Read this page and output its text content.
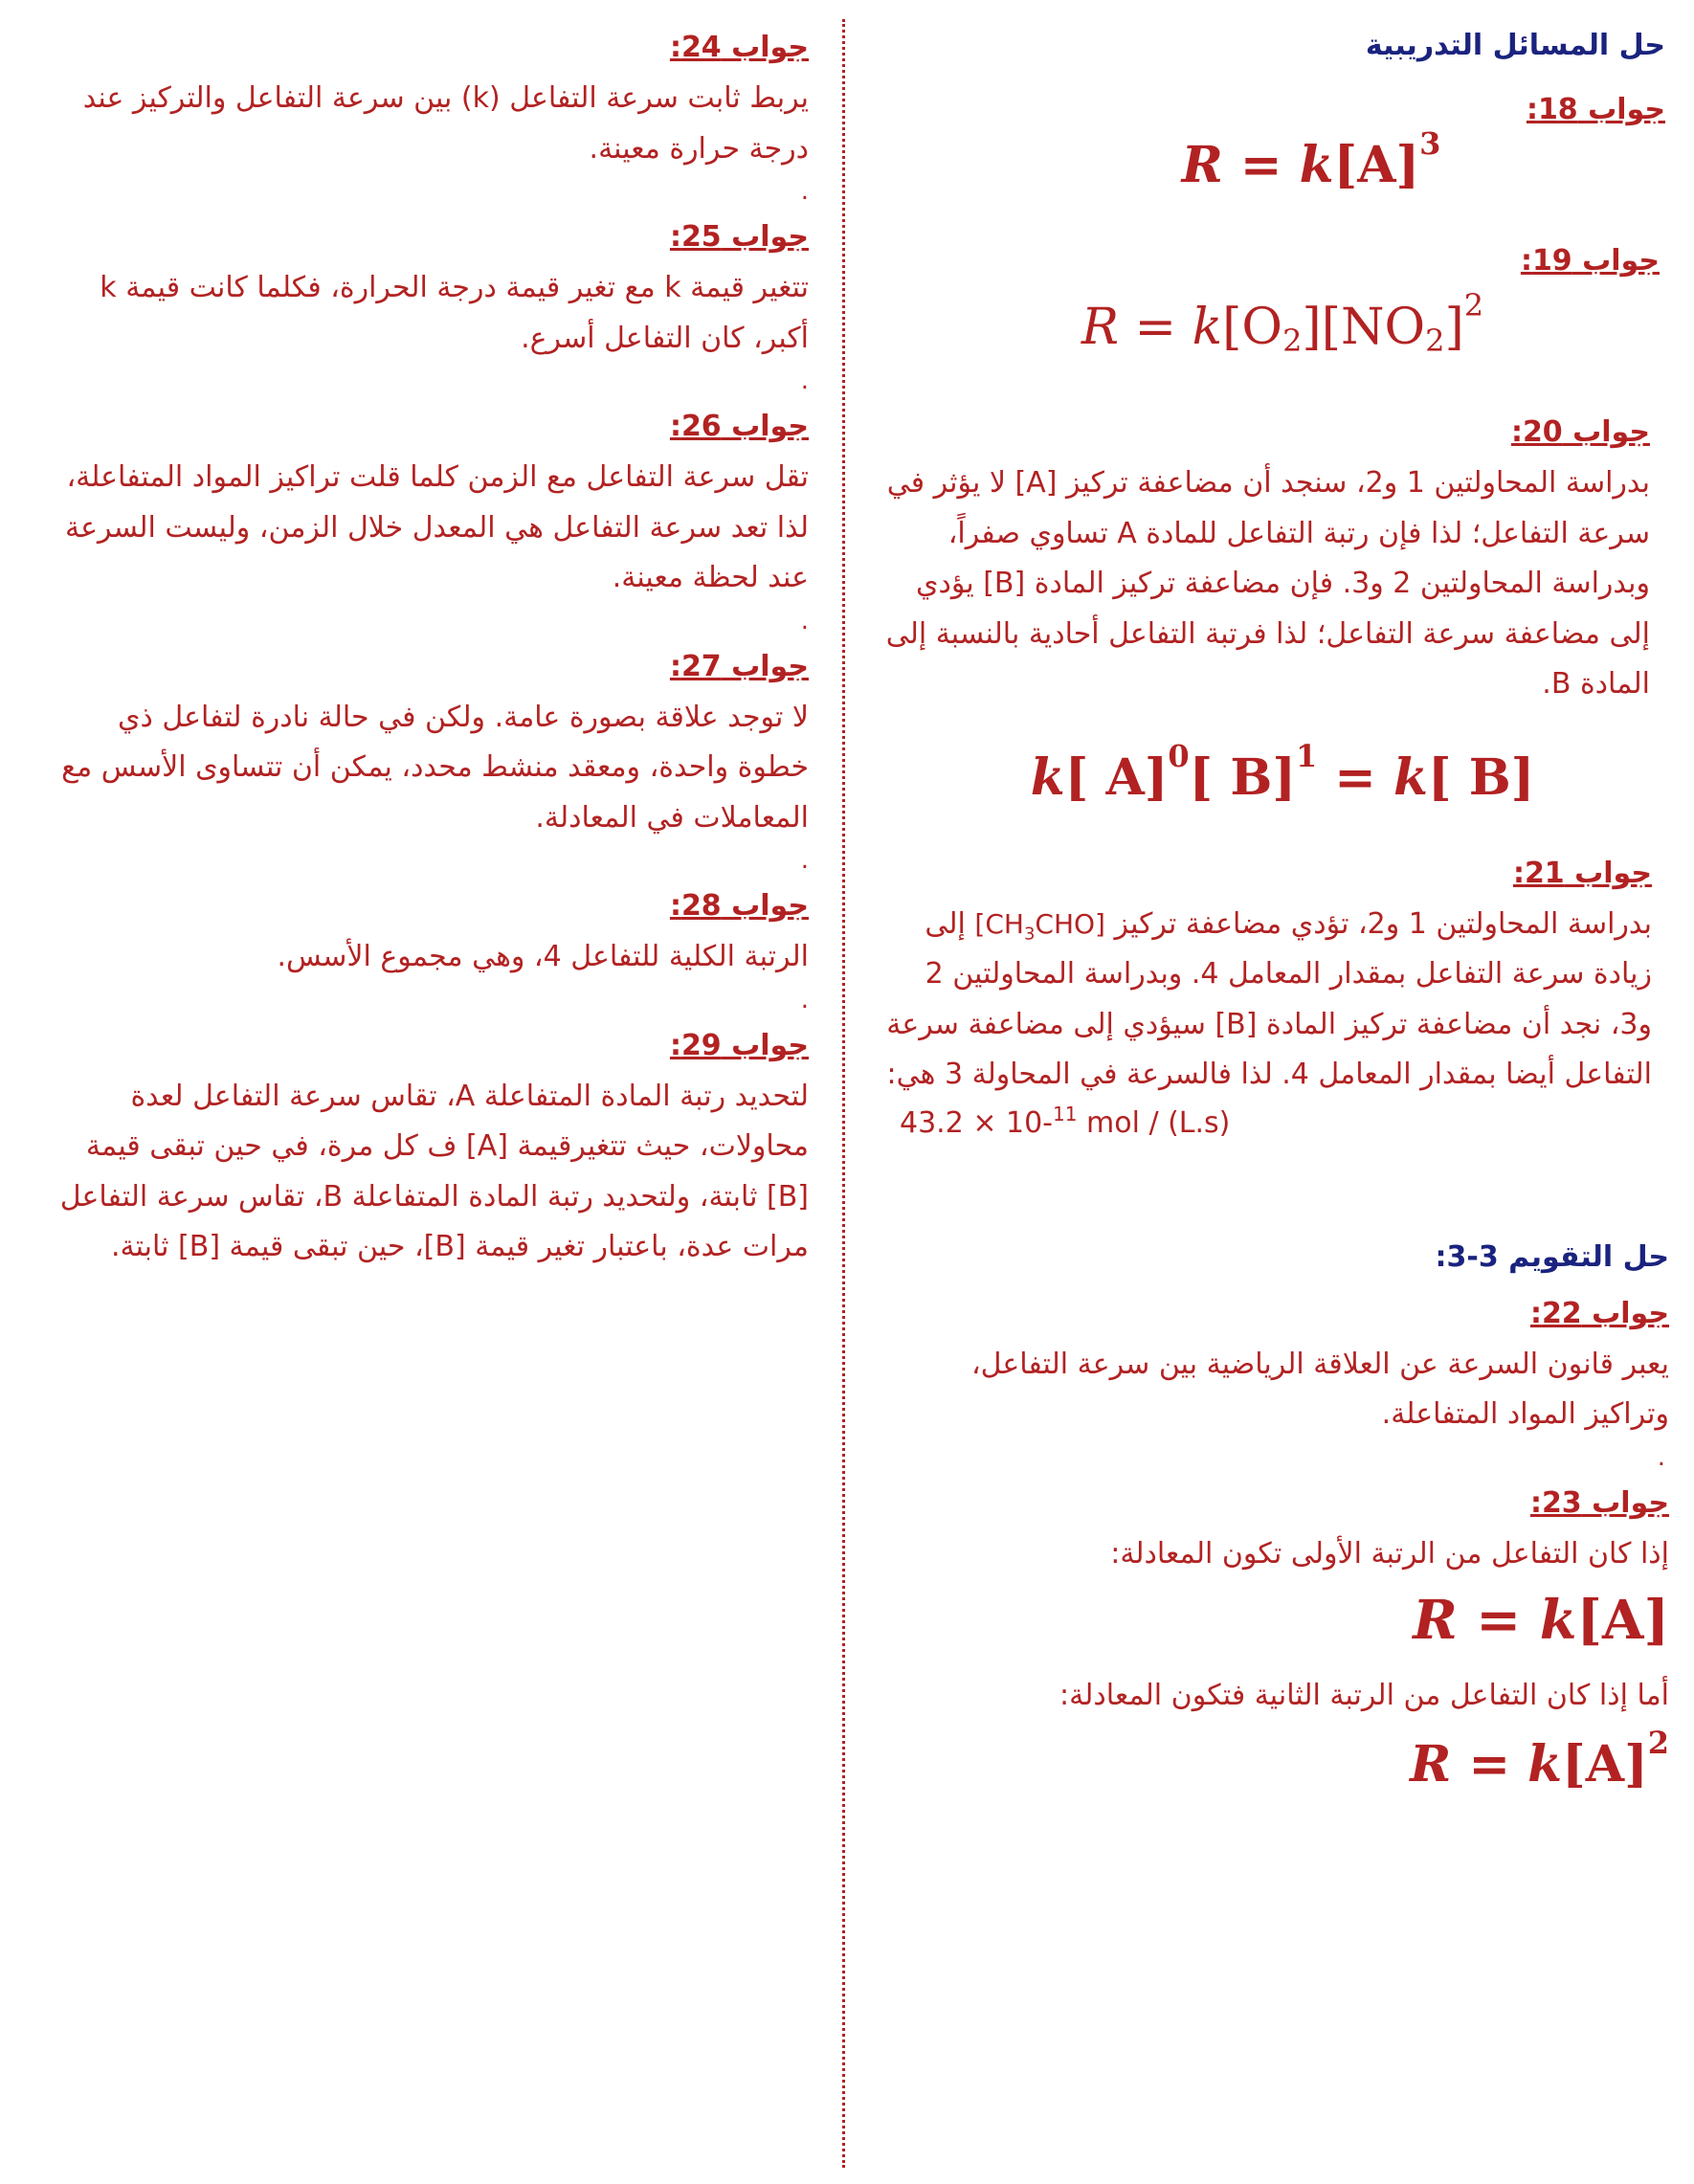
حل المسائل التدريبية
جواب 18:
$R = k[A]^3$
جواب 19:
$R = k[O_2][NO_2]^2$
جواب 20:

بدراسة المحاولتين 1 و2، سنجد أن مضاعفة تركيز [A] لا يؤثر في سرعة التفاعل؛ لذا فإن رتبة التفاعل للمادة A تساوي صفراً، وبدراسة المحاولتين 2 و3. فإن مضاعفة تركيز المادة [B] يؤدي إلى مضاعفة سرعة التفاعل؛ لذا فرتبة التفاعل أحادية بالنسبة إلى المادة B.

k[ A]$^0$[ B]$^1$ = k[ B]
جواب 21:

بدراسة المحاولتين 1 و2، تؤدي مضاعفة تركيز $[CH_3CHO]$ إلى زيادة سرعة التفاعل بمقدار المعامل 4. وبدراسة المحاولتين 2 و3، نجد أن مضاعفة تركيز المادة [B] سيؤدي إلى مضاعفة سرعة التفاعل أيضا بمقدار المعامل 4. لذا فالسرعة في المحاولة 3 هي:

43.2 × 10-$^{11}$ mol / (L.s)
حل التقويم 3-3:
جواب 22:

يعبر قانون السرعة عن العلاقة الرياضية بين سرعة التفاعل، وتراكيز المواد المتفاعلة.

.
جواب 23:

إذا كان التفاعل من الرتبة الأولى تكون المعادلة:

R = k[A]

أما إذا كان التفاعل من الرتبة الثانية فتكون المعادلة:

$R = k[A]^2$
جواب 24:

يربط ثابت سرعة التفاعل (k) بين سرعة التفاعل والتركيز عند درجة حرارة معينة.

.
جواب 25:

تتغير قيمة k مع تغير قيمة درجة الحرارة، فكلما كانت قيمة k أكبر، كان التفاعل أسرع.

.
جواب 26:

تقل سرعة التفاعل مع الزمن كلما قلت تراكيز المواد المتفاعلة، لذا تعد سرعة التفاعل هي المعدل خلال الزمن، وليست السرعة عند لحظة معينة.

.
جواب 27:

لا توجد علاقة بصورة عامة. ولكن في حالة نادرة لتفاعل ذي خطوة واحدة، ومعقد منشط محدد، يمكن أن تتساوى الأسس مع المعاملات في المعادلة.

.
جواب 28:

الرتبة الكلية للتفاعل 4، وهي مجموع الأسس.

.
جواب 29:

لتحديد رتبة المادة المتفاعلة A، تقاس سرعة التفاعل لعدة محاولات، حيث تتغيرقيمة [A] ف كل مرة، في حين تبقى قيمة [B] ثابتة، ولتحديد رتبة المادة المتفاعلة B، تقاس سرعة التفاعل مرات عدة، باعتبار تغير قيمة [B]، حين تبقى قيمة [B] ثابتة.
